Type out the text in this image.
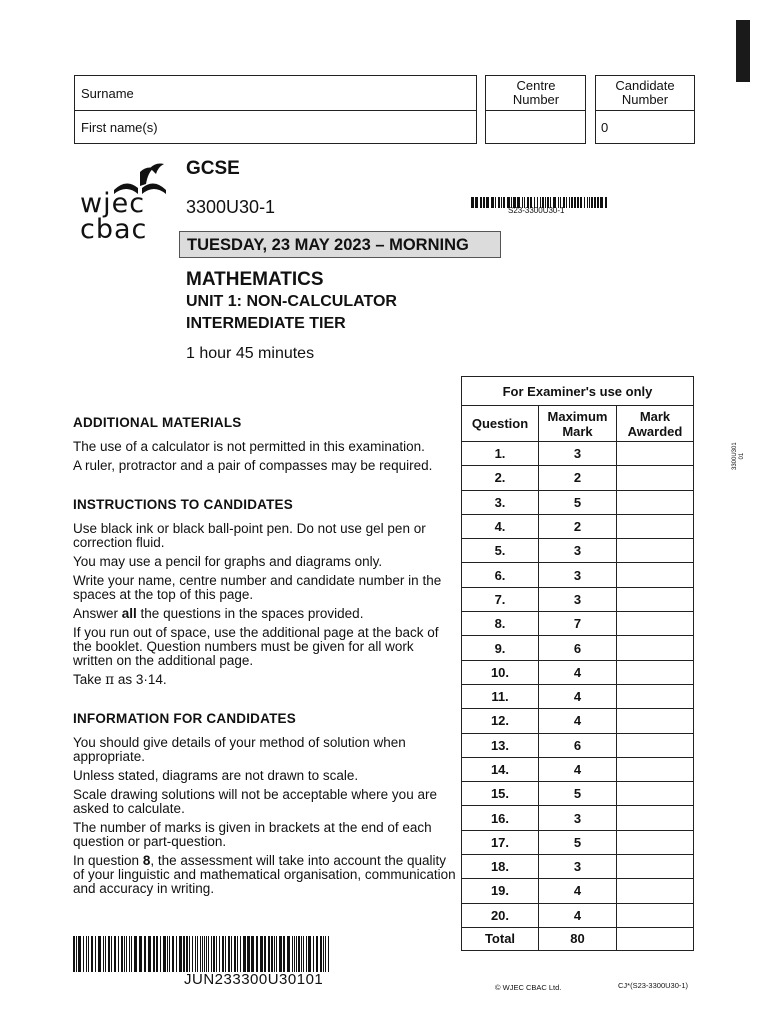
Surname
First name(s)
Centre Number
Candidate Number
0
wjec
cbac
GCSE
3300U30-1	S23-3300U30-1
TUESDAY, 23 MAY 2023 – MORNING
MATHEMATICS
UNIT 1: NON-CALCULATOR
INTERMEDIATE TIER
1 hour 45 minutes
3300U301 01
ADDITIONAL MATERIALS

The use of a calculator is not permitted in this examination.

A ruler, protractor and a pair of compasses may be required.

INSTRUCTIONS TO CANDIDATES

Use black ink or black ball-point pen. Do not use gel pen or correction fluid.

You may use a pencil for graphs and diagrams only.

Write your name, centre number and candidate number in the spaces at the top of this page.

Answer all the questions in the spaces provided.

If you run out of space, use the additional page at the back of the booklet. Question numbers must be given for all work written on the additional page.

Take π as 3·14.

INFORMATION FOR CANDIDATES

You should give details of your method of solution when appropriate.

Unless stated, diagrams are not drawn to scale.

Scale drawing solutions will not be acceptable where you are asked to calculate.

The number of marks is given in brackets at the end of each question or part-question.

In question 8, the assessment will take into account the quality of your linguistic and mathematical organisation, communication and accuracy in writing.

For Examiner's use only		
Question	Maximum Mark	Mark Awarded
1.	3	
2.	2	
3.	5	
4.	2	
5.	3	
6.	3	
7.	3	
8.	7	
9.	6	
10.	4	
11.	4	
12.	4	
13.	6	
14.	4	
15.	5	
16.	3	
17.	5	
18.	3	
19.	4	
20.	4	
Total	80	
JUN233300U30101	© WJEC CBAC Ltd.	CJ*(S23-3300U30-1)
